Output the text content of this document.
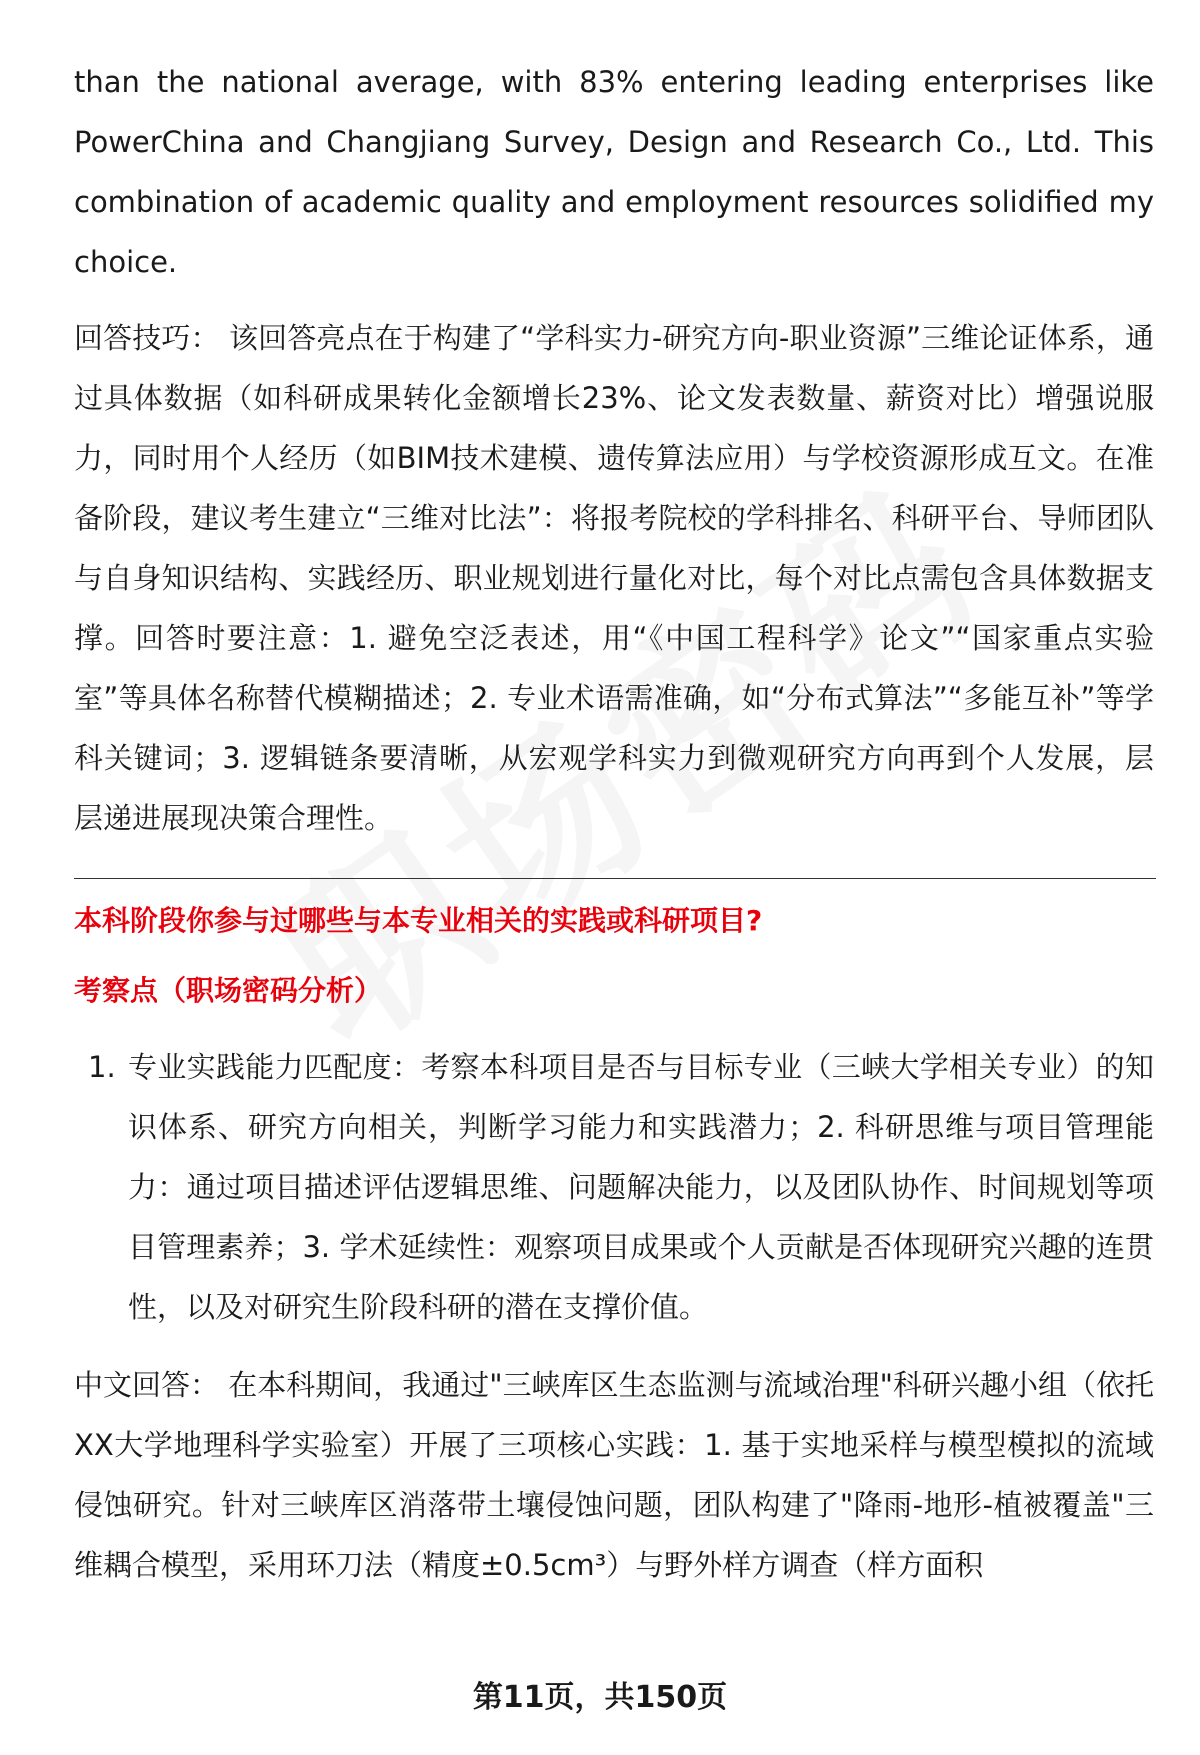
than the national average, with 83% entering leading enterprises like PowerChina and Changjiang Survey, Design and Research Co., Ltd. This combination of academic quality and employment resources solidified my choice.

回答技巧： 该回答亮点在于构建了“学科实力-研究方向-职业资源”三维论证体系，通过具体数据（如科研成果转化金额增长23%、论文发表数量、薪资对比）增强说服力，同时用个人经历（如BIM技术建模、遗传算法应用）与学校资源形成互文。在准备阶段，建议考生建立“三维对比法”：将报考院校的学科排名、科研平台、导师团队与自身知识结构、实践经历、职业规划进行量化对比，每个对比点需包含具体数据支撑。回答时要注意：1. 避免空泛表述，用“《中国工程科学》论文”“国家重点实验室”等具体名称替代模糊描述；2. 专业术语需准确，如“分布式算法”“多能互补”等学科关键词；3. 逻辑链条要清晰，从宏观学科实力到微观研究方向再到个人发展，层层递进展现决策合理性。

本科阶段你参与过哪些与本专业相关的实践或科研项目?

考察点（职场密码分析）

1. 专业实践能力匹配度：考察本科项目是否与目标专业（三峡大学相关专业）的知识体系、研究方向相关，判断学习能力和实践潜力；2. 科研思维与项目管理能力：通过项目描述评估逻辑思维、问题解决能力，以及团队协作、时间规划等项目管理素养；3. 学术延续性：观察项目成果或个人贡献是否体现研究兴趣的连贯性，以及对研究生阶段科研的潜在支撑价值。

中文回答： 在本科期间，我通过"三峡库区生态监测与流域治理"科研兴趣小组（依托XX大学地理科学实验室）开展了三项核心实践：1. 基于实地采样与模型模拟的流域侵蚀研究。针对三峡库区消落带土壤侵蚀问题，团队构建了"降雨-地形-植被覆盖"三维耦合模型，采用环刀法（精度±0.5cm³）与野外样方调查（样方面积

第11页，共150页
